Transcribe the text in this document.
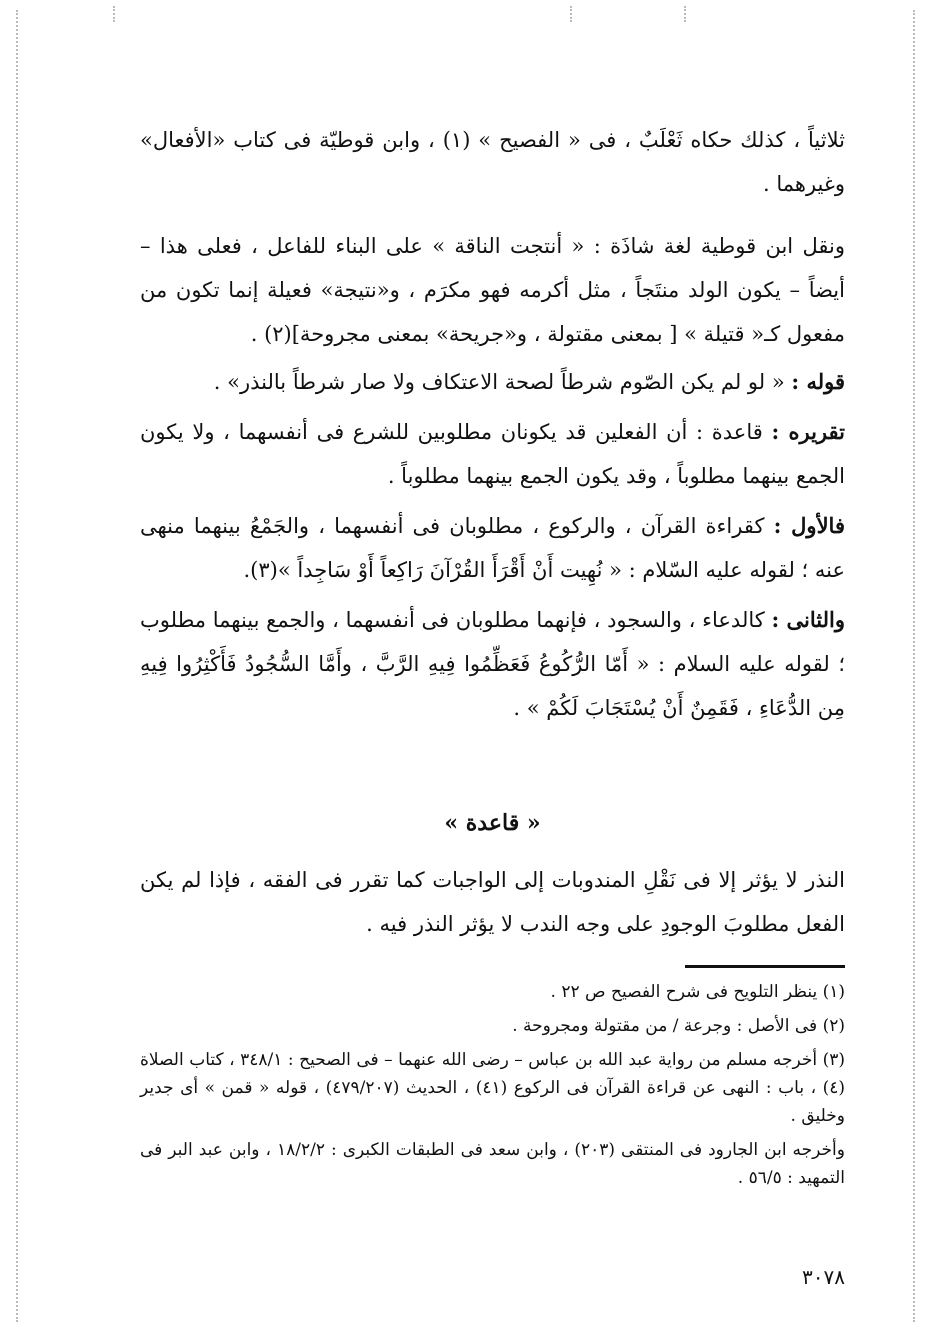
ثلاثياً ، كذلك حكاه ثَعْلَبٌ ، فى « الفصيح » (١) ، وابن قوطيّة فى كتاب «الأفعال» وغيرهما .

ونقل ابن قوطية لغة شاذَة : « أنتجت الناقة » على البناء للفاعل ، فعلى هذا – أيضاً – يكون الولد منتَجاً ، مثل أكرمه فهو مكرَم ، و«نتيجة» فعيلة إنما تكون من مفعول كـ« قتيلة » [ بمعنى مقتولة ، و«جريحة» بمعنى مجروحة](٢) .

قوله : « لو لم يكن الصّوم شرطاً لصحة الاعتكاف ولا صار شرطاً بالنذر» .

تقريره : قاعدة : أن الفعلين قد يكونان مطلوبين للشرع فى أنفسهما ، ولا يكون الجمع بينهما مطلوباً ، وقد يكون الجمع بينهما مطلوباً .

فالأول : كقراءة القرآن ، والركوع ، مطلوبان فى أنفسهما ، والجَمْعُ بينهما منهى عنه ؛ لقوله عليه السّلام : « نُهِيت أَنْ أَقْرَأَ القُرْآنَ رَاكِعاً أَوْ سَاجِداً »(٣).

والثانى : كالدعاء ، والسجود ، فإنهما مطلوبان فى أنفسهما ، والجمع بينهما مطلوب ؛ لقوله عليه السلام : « أَمّا الرُّكُوعُ فَعَظِّمُوا فِيهِ الرَّبَّ ، وأَمَّا السُّجُودُ فَأَكْثِرُوا فِيهِ مِن الدُّعَاءِ ، فَقَمِنٌ أَنْ يُسْتَجَابَ لَكُمْ » .

« قاعدة »

النذر لا يؤثر إلا فى نَقْلِ المندوبات إلى الواجبات كما تقرر فى الفقه ، فإذا لم يكن الفعل مطلوبَ الوجودِ على وجه الندب لا يؤثر النذر فيه .

(١) ينظر التلويح فى شرح الفصيح ص ٢٢ .

(٢) فى الأصل : وجرعة / من مقتولة ومجروحة .

(٣) أخرجه مسلم من رواية عبد الله بن عباس – رضى الله عنهما – فى الصحيح : ٣٤٨/١ ، كتاب الصلاة (٤) ، باب : النهى عن قراءة القرآن فى الركوع (٤١) ، الحديث (٤٧٩/٢٠٧) ، قوله « قمن » أى جدير وخليق .

وأخرجه ابن الجارود فى المنتقى (٢٠٣) ، وابن سعد فى الطبقات الكبرى : ١٨/٢/٢ ، وابن عبد البر فى التمهيد : ٥٦/٥ .

٣٠٧٨
